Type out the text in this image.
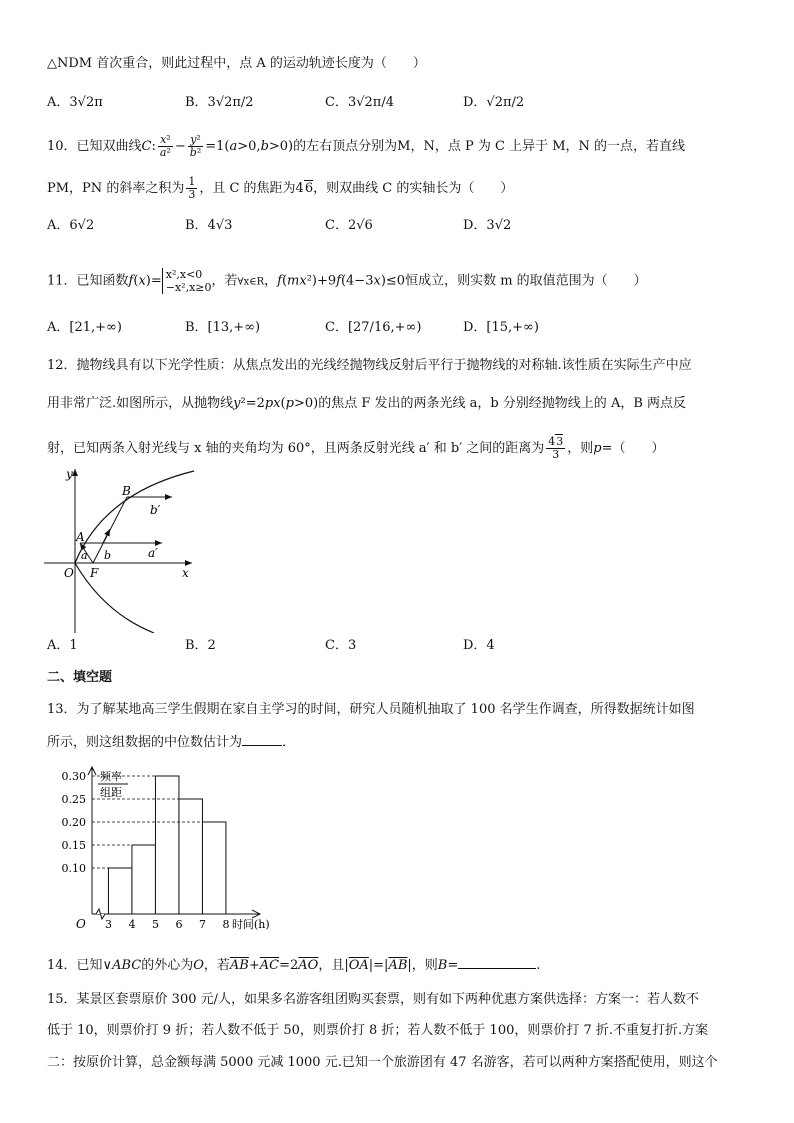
△NDM 首次重合，则此过程中，点 A 的运动轨迹长度为（　　）
A．3√2π	B．3√2π/2	C．3√2π/4	D．√2π/2
10．已知双曲线C: $\frac{\text{x²}}{\text{a²}} - \frac{\text{y²}}{\text{b²}} =1(a>0,b>0)$的左右顶点分别为M，N，点 P 为 C 上异于 M，N 的一点，若直线
PM，PN 的斜率之积为 $\frac{1}{3}$ ，且 C 的焦距为46，则双曲线 C 的实轴长为（　　）
A．6√2	B．4√3	C．2√6	D．3√2
11．已知函数f(x)= x²,x<0
−x²,x≥0，若∀x∈R，f(mx²)+9f(4−3x)≤0恒成立，则实数 m 的取值范围为（　　）
A．[21,+∞)	B．[13,+∞)	C．[27/16,+∞)	D．[15,+∞)
12．抛物线具有以下光学性质：从焦点发出的光线经抛物线反射后平行于抛物线的对称轴.该性质在实际生产中应
用非常广泛.如图所示，从抛物线y²=2px(p>0)的焦点 F 发出的两条光线 a，b 分别经抛物线上的 A，B 两点反
射，已知两条入射光线与 x 轴的夹角均为 60°，且两条反射光线 a′ 和 b′ 之间的距离为 $\frac{43}{3}$ ，则p=（　　）
y
B
b′
A
a′
a b
O F	x
A．1	B．2	C．3	D．4
二、填空题
13．为了解某地高三学生假期在家自主学习的时间，研究人员随机抽取了 100 名学生作调查，所得数据统计如图
所示，则这组数据的中位数估计为	．
频率
组距
0.30
0.25
0.20
0.15
0.10
3 4 5 6 7 8 时间(h)
O
14．已知∨ABC的外心为O，若$\overline{AB}+\overline{AC}=2\overline{AO}$，且$|\overline{OA}|=|\overline{AB}|$，则B=	.
15．某景区套票原价 300 元/人，如果多名游客组团购买套票，则有如下两种优惠方案供选择：方案一：若人数不
低于 10，则票价打 9 折；若人数不低于 50，则票价打 8 折；若人数不低于 100，则票价打 7 折.不重复打折.方案
二：按原价计算，总金额每满 5000 元减 1000 元.已知一个旅游团有 47 名游客，若可以两种方案搭配使用，则这个
